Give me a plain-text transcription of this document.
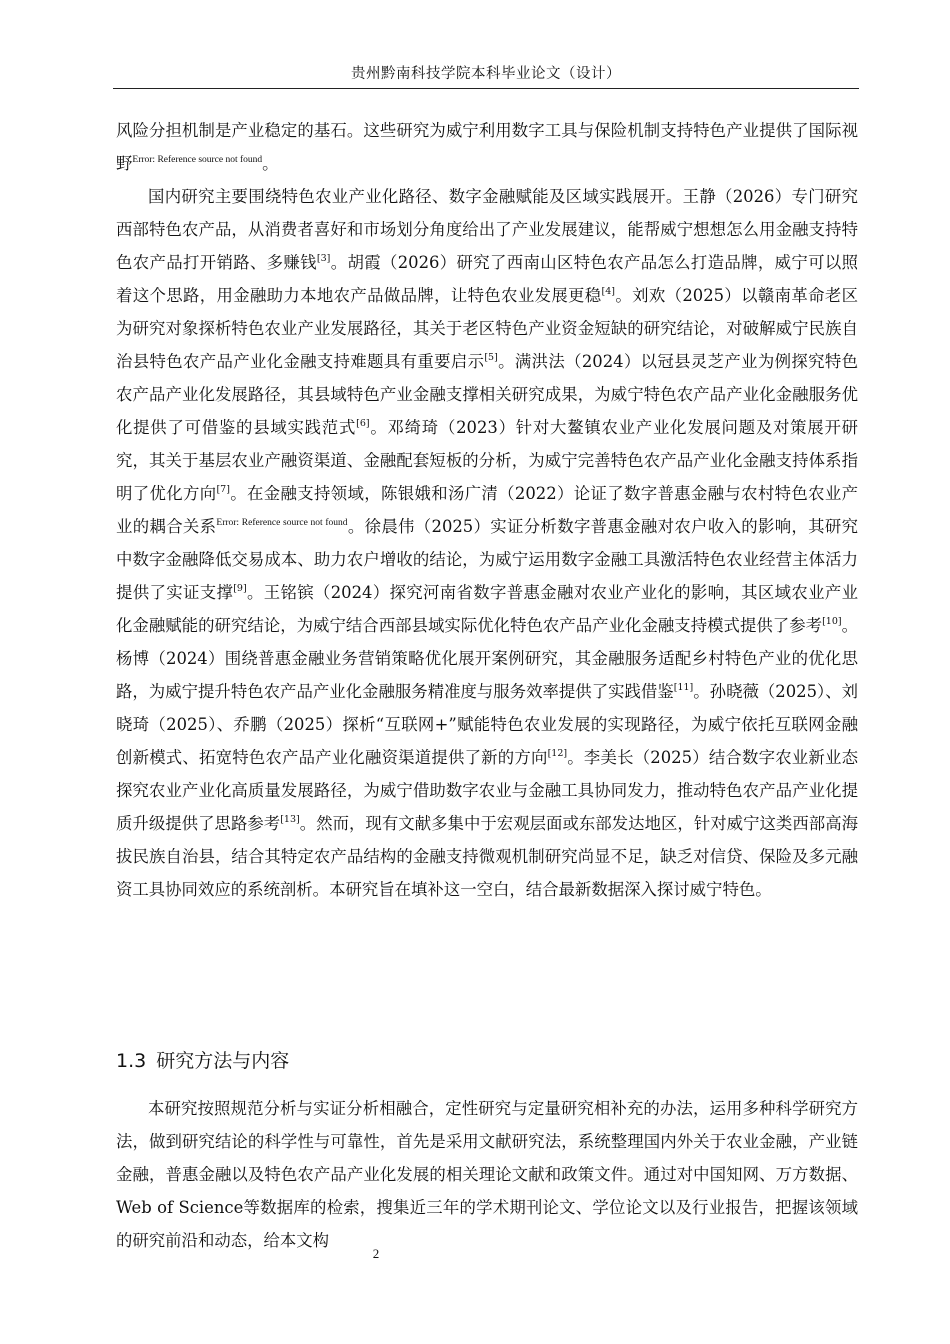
贵州黔南科技学院本科毕业论文（设计）

风险分担机制是产业稳定的基石。这些研究为威宁利用数字工具与保险机制支持特色产业提供了国际视野$^{Error: Reference source not found}$。

国内研究主要围绕特色农业产业化路径、数字金融赋能及区域实践展开。王静（2026）专门研究西部特色农产品，从消费者喜好和市场划分角度给出了产业发展建议，能帮威宁想想怎么用金融支持特色农产品打开销路、多赚钱[3]。胡霞（2026）研究了西南山区特色农产品怎么打造品牌，威宁可以照着这个思路，用金融助力本地农产品做品牌，让特色农业发展更稳[4]。刘欢（2025）以赣南革命老区为研究对象探析特色农业产业发展路径，其关于老区特色产业资金短缺的研究结论，对破解威宁民族自治县特色农产品产业化金融支持难题具有重要启示[5]。满洪法（2024）以冠县灵芝产业为例探究特色农产品产业化发展路径，其县域特色产业金融支撑相关研究成果，为威宁特色农产品产业化金融服务优化提供了可借鉴的县域实践范式[6]。邓绮琦（2023）针对大鳌镇农业产业化发展问题及对策展开研究，其关于基层农业产融资渠道、金融配套短板的分析，为威宁完善特色农产品产业化金融支持体系指明了优化方向[7]。在金融支持领域，陈银娥和汤广清（2022）论证了数字普惠金融与农村特色农业产业的耦合关系$^{Error: Reference source not found}$。徐晨伟（2025）实证分析数字普惠金融对农户收入的影响，其研究中数字金融降低交易成本、助力农户增收的结论，为威宁运用数字金融工具激活特色农业经营主体活力提供了实证支撑[9]。王铭镔（2024）探究河南省数字普惠金融对农业产业化的影响，其区域农业产业化金融赋能的研究结论，为威宁结合西部县域实际优化特色农产品产业化金融支持模式提供了参考[10]。杨博（2024）围绕普惠金融业务营销策略优化展开案例研究，其金融服务适配乡村特色产业的优化思路，为威宁提升特色农产品产业化金融服务精准度与服务效率提供了实践借鉴[11]。孙晓薇（2025）、刘晓琦（2025）、乔鹏（2025）探析“互联网+”赋能特色农业发展的实现路径，为威宁依托互联网金融创新模式、拓宽特色农产品产业化融资渠道提供了新的方向[12]。李美长（2025）结合数字农业新业态探究农业产业化高质量发展路径，为威宁借助数字农业与金融工具协同发力，推动特色农产品产业化提质升级提供了思路参考[13]。然而，现有文献多集中于宏观层面或东部发达地区，针对威宁这类西部高海拔民族自治县，结合其特定农产品结构的金融支持微观机制研究尚显不足，缺乏对信贷、保险及多元融资工具协同效应的系统剖析。本研究旨在填补这一空白，结合最新数据深入探讨威宁特色。

1.3 研究方法与内容

本研究按照规范分析与实证分析相融合，定性研究与定量研究相补充的办法，运用多种科学研究方法，做到研究结论的科学性与可靠性，首先是采用文献研究法，系统整理国内外关于农业金融，产业链金融，普惠金融以及特色农产品产业化发展的相关理论文献和政策文件。通过对中国知网、万方数据、Web of Science等数据库的检索，搜集近三年的学术期刊论文、学位论文以及行业报告，把握该领域的研究前沿和动态，给本文构

2
